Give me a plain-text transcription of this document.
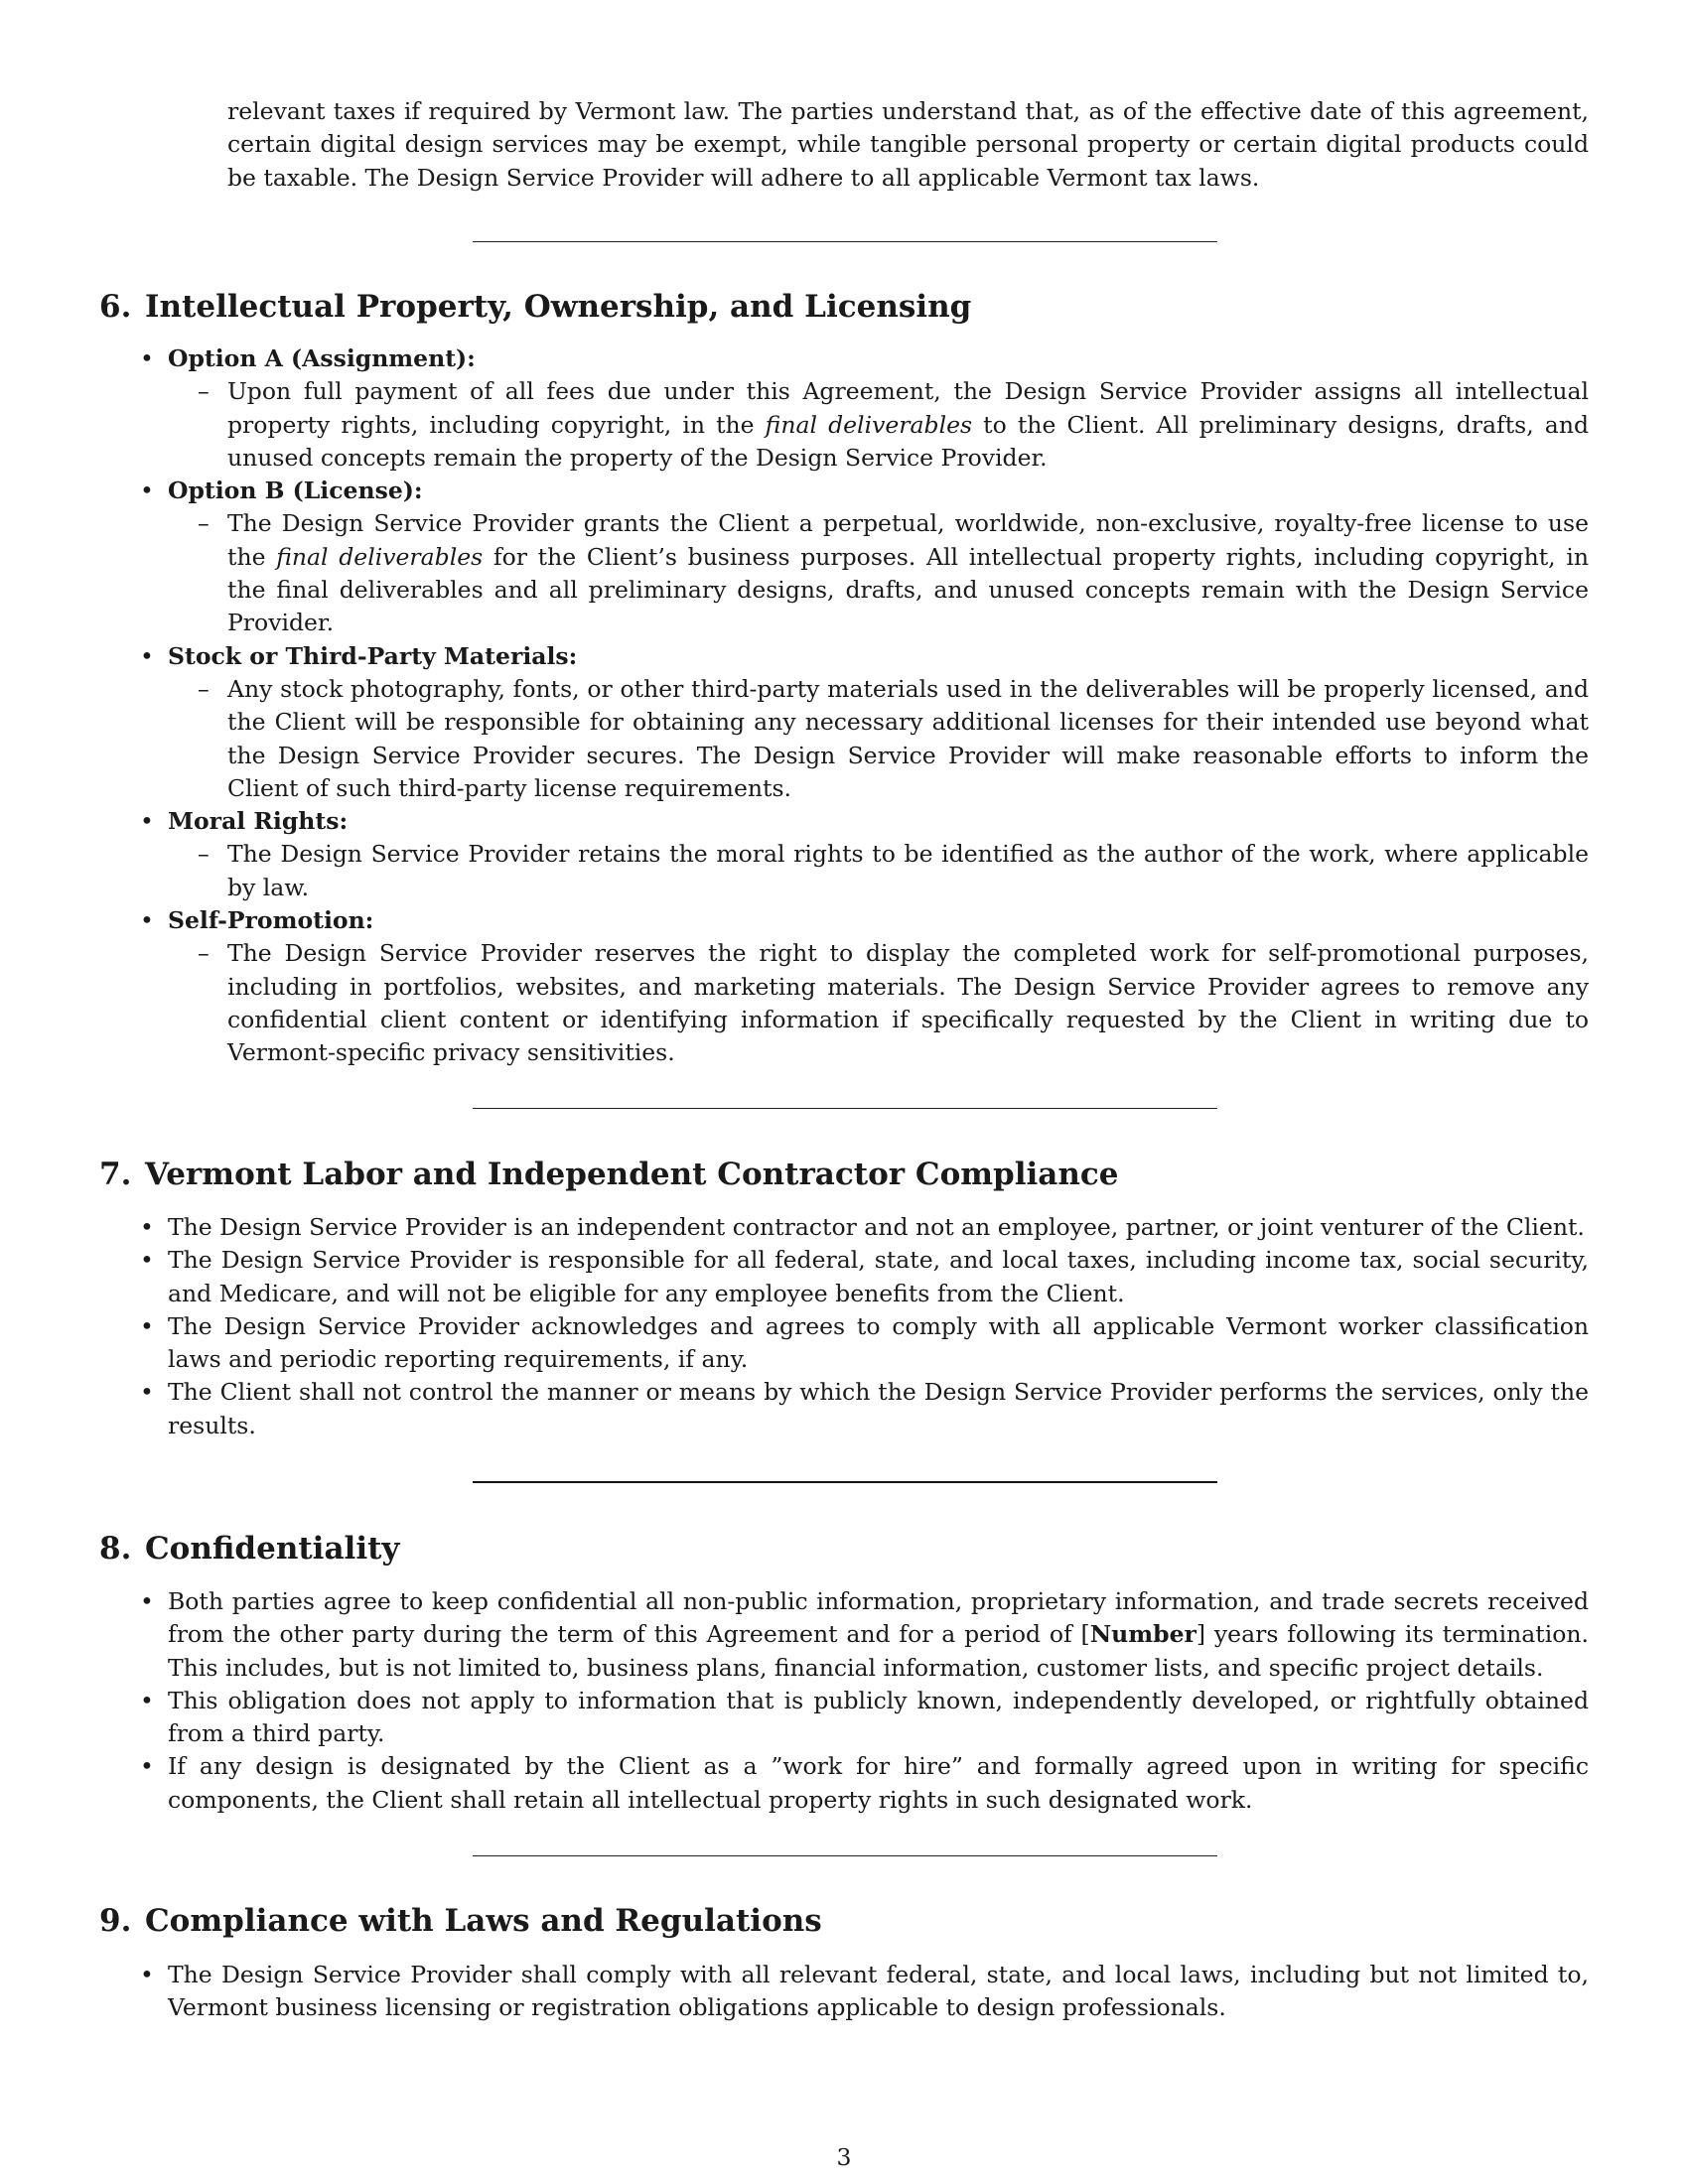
relevant taxes if required by Vermont law. The parties understand that, as of the effective date of this agreement, certain digital design services may be exempt, while tangible personal property or certain digital products could be taxable. The Design Service Provider will adhere to all applicable Vermont tax laws.

6. Intellectual Property, Ownership, and Licensing
• Option A (Assignment):
– Upon full payment of all fees due under this Agreement, the Design Service Provider assigns all intellectual property rights, including copyright, in the final deliverables to the Client. All preliminary designs, drafts, and unused concepts remain the property of the Design Service Provider.
• Option B (License):
– The Design Service Provider grants the Client a perpetual, worldwide, non-exclusive, royalty-free license to use the final deliverables for the Client’s business purposes. All intellectual property rights, including copyright, in the final deliverables and all preliminary designs, drafts, and unused concepts remain with the Design Service Provider.
• Stock or Third-Party Materials:
– Any stock photography, fonts, or other third-party materials used in the deliverables will be properly licensed, and the Client will be responsible for obtaining any necessary additional licenses for their intended use beyond what the Design Service Provider secures. The Design Service Provider will make reasonable efforts to inform the Client of such third-party license requirements.
• Moral Rights:
– The Design Service Provider retains the moral rights to be identified as the author of the work, where applicable by law.
• Self-Promotion:
– The Design Service Provider reserves the right to display the completed work for self-promotional purposes, including in portfolios, websites, and marketing materials. The Design Service Provider agrees to remove any confidential client content or identifying information if specifically requested by the Client in writing due to Vermont-specific privacy sensitivities.
7. Vermont Labor and Independent Contractor Compliance
• The Design Service Provider is an independent contractor and not an employee, partner, or joint venturer of the Client.
• The Design Service Provider is responsible for all federal, state, and local taxes, including income tax, social security, and Medicare, and will not be eligible for any employee benefits from the Client.
• The Design Service Provider acknowledges and agrees to comply with all applicable Vermont worker classification laws and periodic reporting requirements, if any.
• The Client shall not control the manner or means by which the Design Service Provider performs the services, only the results.
8. Confidentiality
• Both parties agree to keep confidential all non-public information, proprietary information, and trade secrets received from the other party during the term of this Agreement and for a period of [Number] years following its termination. This includes, but is not limited to, business plans, financial information, customer lists, and specific project details.
• This obligation does not apply to information that is publicly known, independently developed, or rightfully obtained from a third party.
• If any design is designated by the Client as a ”work for hire” and formally agreed upon in writing for specific components, the Client shall retain all intellectual property rights in such designated work.
9. Compliance with Laws and Regulations
• The Design Service Provider shall comply with all relevant federal, state, and local laws, including but not limited to, Vermont business licensing or registration obligations applicable to design professionals.
3
